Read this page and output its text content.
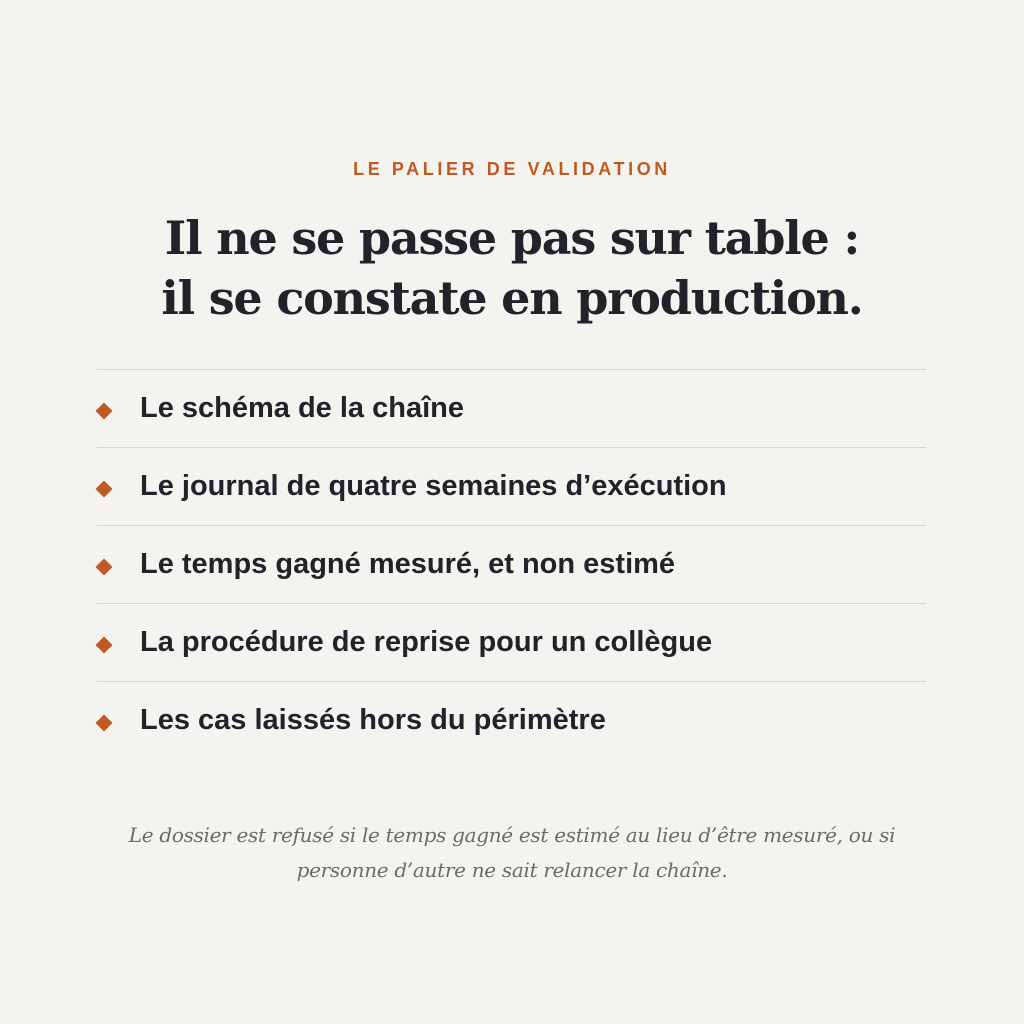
LE PALIER DE VALIDATION
Il ne se passe pas sur table :
il se constate en production.
Le schéma de la chaîne
Le journal de quatre semaines d’exécution
Le temps gagné mesuré, et non estimé
La procédure de reprise pour un collègue
Les cas laissés hors du périmètre

Le dossier est refusé si le temps gagné est estimé au lieu d’être mesuré, ou si personne d’autre ne sait relancer la chaîne.
